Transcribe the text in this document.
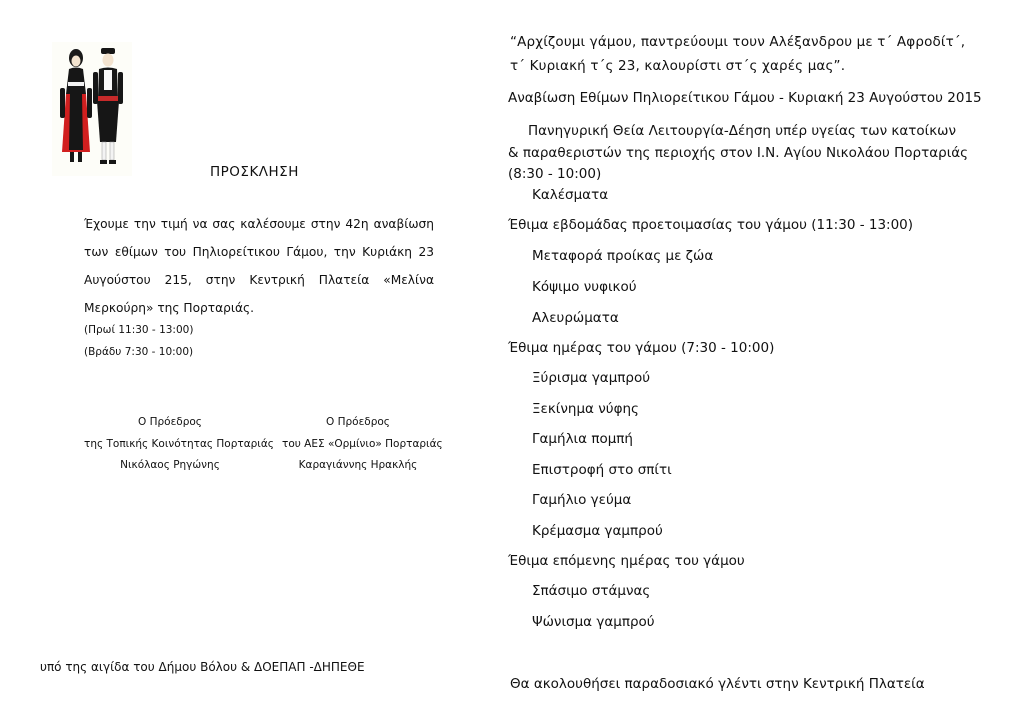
ΠΡΟΣΚΛΗΣΗ
Έχουμε την τιμή να σας καλέσουμε στην 42η αναβίωση των εθίμων του Πηλιορείτικου Γάμου, την Κυριάκη 23 Αυγούστου 215, στην Κεντρική Πλατεία «Μελίνα Μερκούρη» της Πορταριάς.
(Πρωί 11:30 - 13:00)
(Βράδυ 7:30 - 10:00)
Ο Πρόεδρος
της Τοπικής Κοινότητας Πορταριάς
Νικόλαος Ρηγώνης
Ο Πρόεδρος
του ΑΕΣ «Ορμίνιο» Πορταριάς
Καραγιάννης Ηρακλής
υπό της αιγίδα του Δήμου Βόλου & ΔΟΕΠΑΠ -ΔΗΠΕΘΕ
“Αρχίζουμι γάμου, παντρεύουμι τουν Αλέξανδρου με τ΄ Αφροδίτ΄,
τ΄ Κυριακή τ΄ς 23, καλουρίστι στ΄ς χαρές μας”.
Αναβίωση Εθίμων Πηλιορείτικου Γάμου - Κυριακή 23 Αυγούστου 2015
Πανηγυρική Θεία Λειτουργία-Δέηση υπέρ υγείας των κατοίκων
& παραθεριστών της περιοχής στον Ι.Ν. Αγίου Νικολάου Πορταριάς
(8:30 - 10:00)
Καλέσματα
Έθιμα εβδομάδας προετοιμασίας του γάμου (11:30 - 13:00)
Μεταφορά προίκας με ζώα
Κόψιμο νυφικού
Αλευρώματα
Έθιμα ημέρας του γάμου (7:30 - 10:00)
Ξύρισμα γαμπρού
Ξεκίνημα νύφης
Γαμήλια πομπή
Επιστροφή στο σπίτι
Γαμήλιο γεύμα
Κρέμασμα γαμπρού
Έθιμα επόμενης ημέρας του γάμου
Σπάσιμο στάμνας
Ψώνισμα γαμπρού
Θα ακολουθήσει παραδοσιακό γλέντι στην Κεντρική Πλατεία
